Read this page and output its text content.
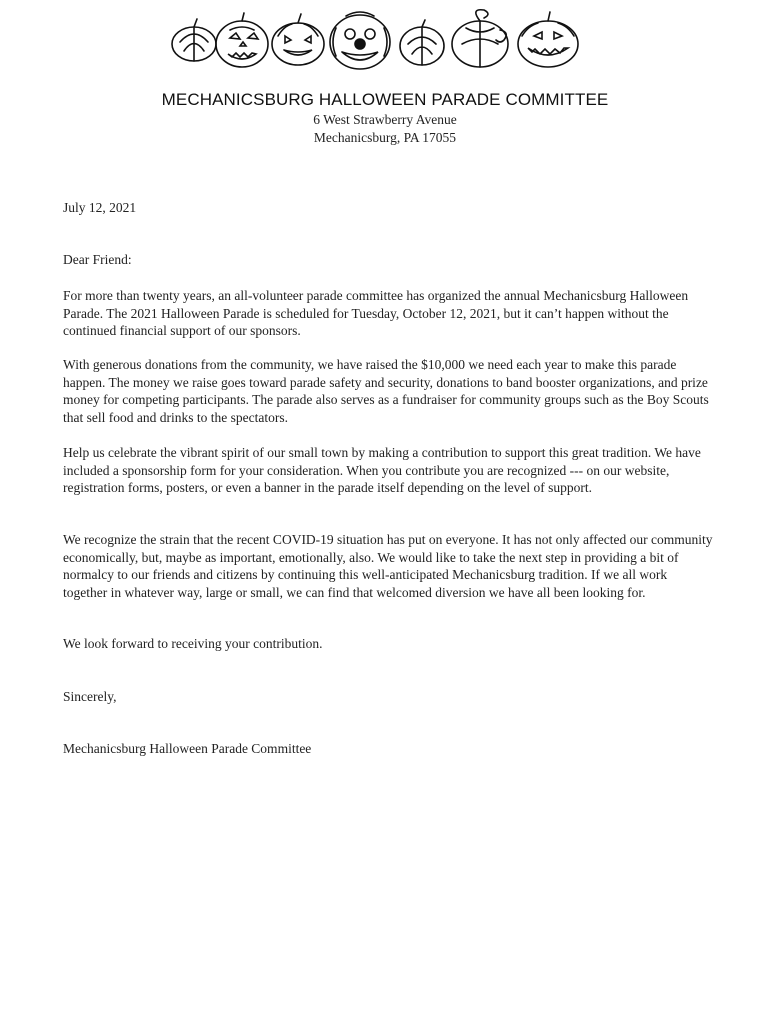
MECHANICSBURG HALLOWEEN PARADE COMMITTEE
6 West Strawberry Avenue
Mechanicsburg, PA 17055
July 12, 2021
Dear Friend:
For more than twenty years, an all-volunteer parade committee has organized the annual Mechanicsburg Halloween Parade. The 2021 Halloween Parade is scheduled for Tuesday, October 12, 2021, but it can’t happen without the continued financial support of our sponsors.
With generous donations from the community, we have raised the $10,000 we need each year to make this parade happen. The money we raise goes toward parade safety and security, donations to band booster organizations, and prize money for competing participants. The parade also serves as a fundraiser for community groups such as the Boy Scouts that sell food and drinks to the spectators.
Help us celebrate the vibrant spirit of our small town by making a contribution to support this great tradition. We have included a sponsorship form for your consideration. When you contribute you are recognized --- on our website, registration forms, posters, or even a banner in the parade itself depending on the level of support.
We recognize the strain that the recent COVID-19 situation has put on everyone. It has not only affected our community economically, but, maybe as important, emotionally, also. We would like to take the next step in providing a bit of normalcy to our friends and citizens by continuing this well-anticipated Mechanicsburg tradition. If we all work together in whatever way, large or small, we can find that welcomed diversion we have all been looking for.
We look forward to receiving your contribution.
Sincerely,
Mechanicsburg Halloween Parade Committee
